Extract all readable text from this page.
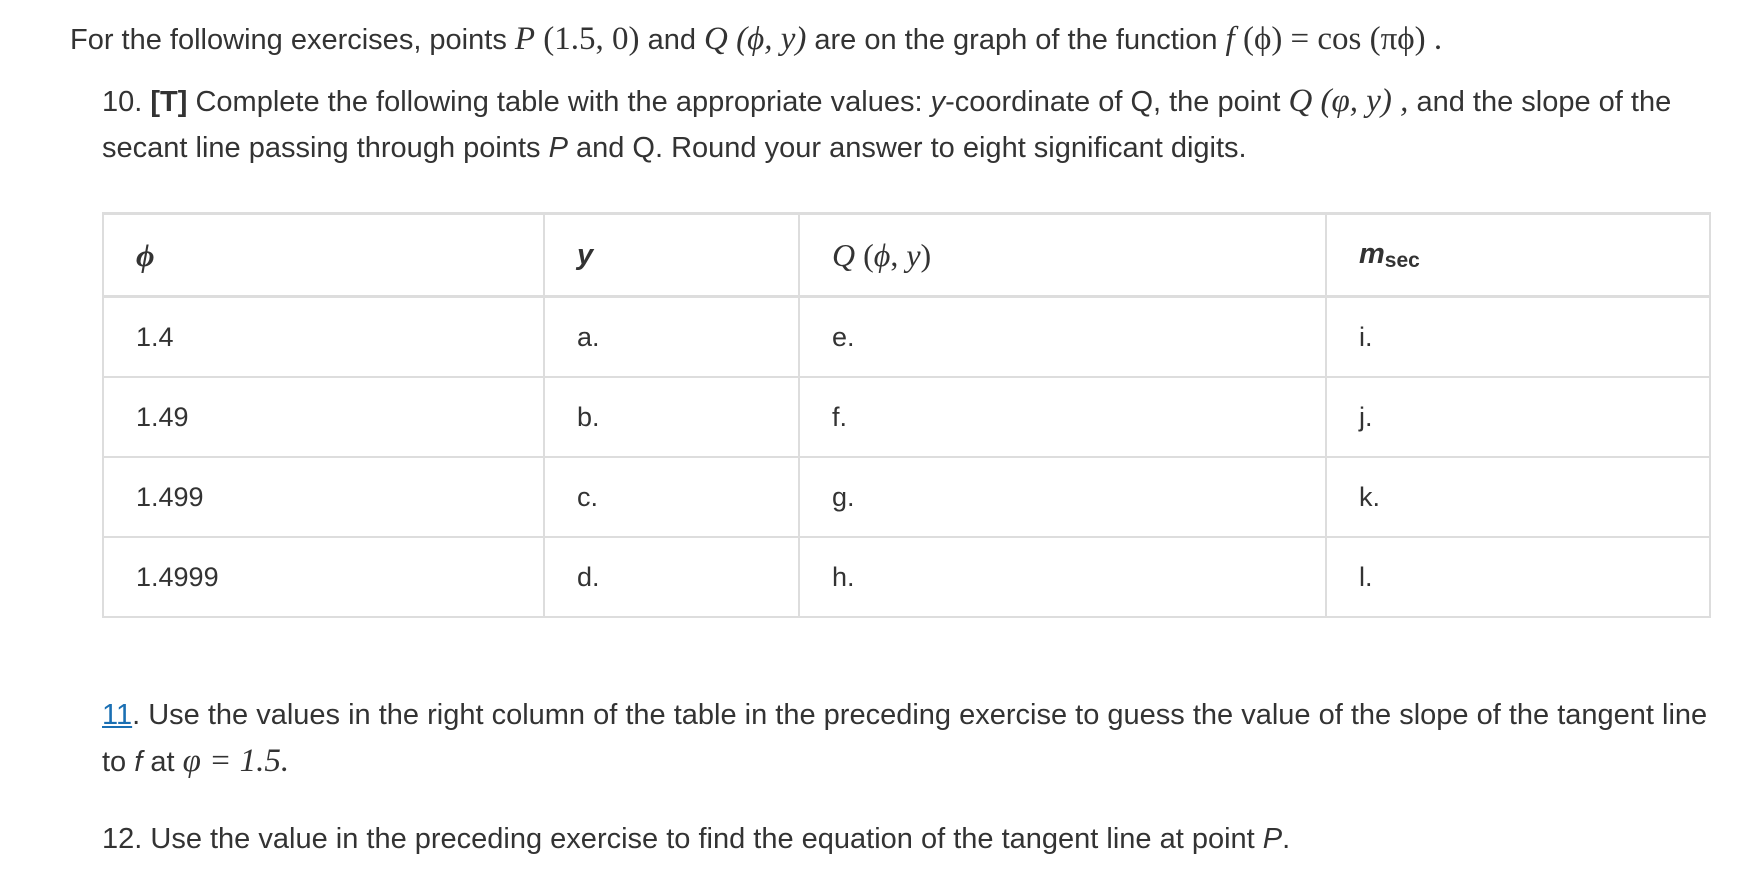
For the following exercises, points P (1.5, 0) and Q (ϕ, y) are on the graph of the function f (ϕ) = cos (πϕ) .
10. [T] Complete the following table with the appropriate values: y-coordinate of Q, the point Q (φ, y) , and the slope of the secant line passing through points P and Q. Round your answer to eight significant digits.
ϕ	y	Q (ϕ, y)	$m_{sec}$
1.4	a.	e.	i.
1.49	b.	f.	j.
1.499	c.	g.	k.
1.4999	d.	h.	l.
11. Use the values in the right column of the table in the preceding exercise to guess the value of the slope of the tangent line to f at φ = 1.5.
12. Use the value in the preceding exercise to find the equation of the tangent line at point P.
